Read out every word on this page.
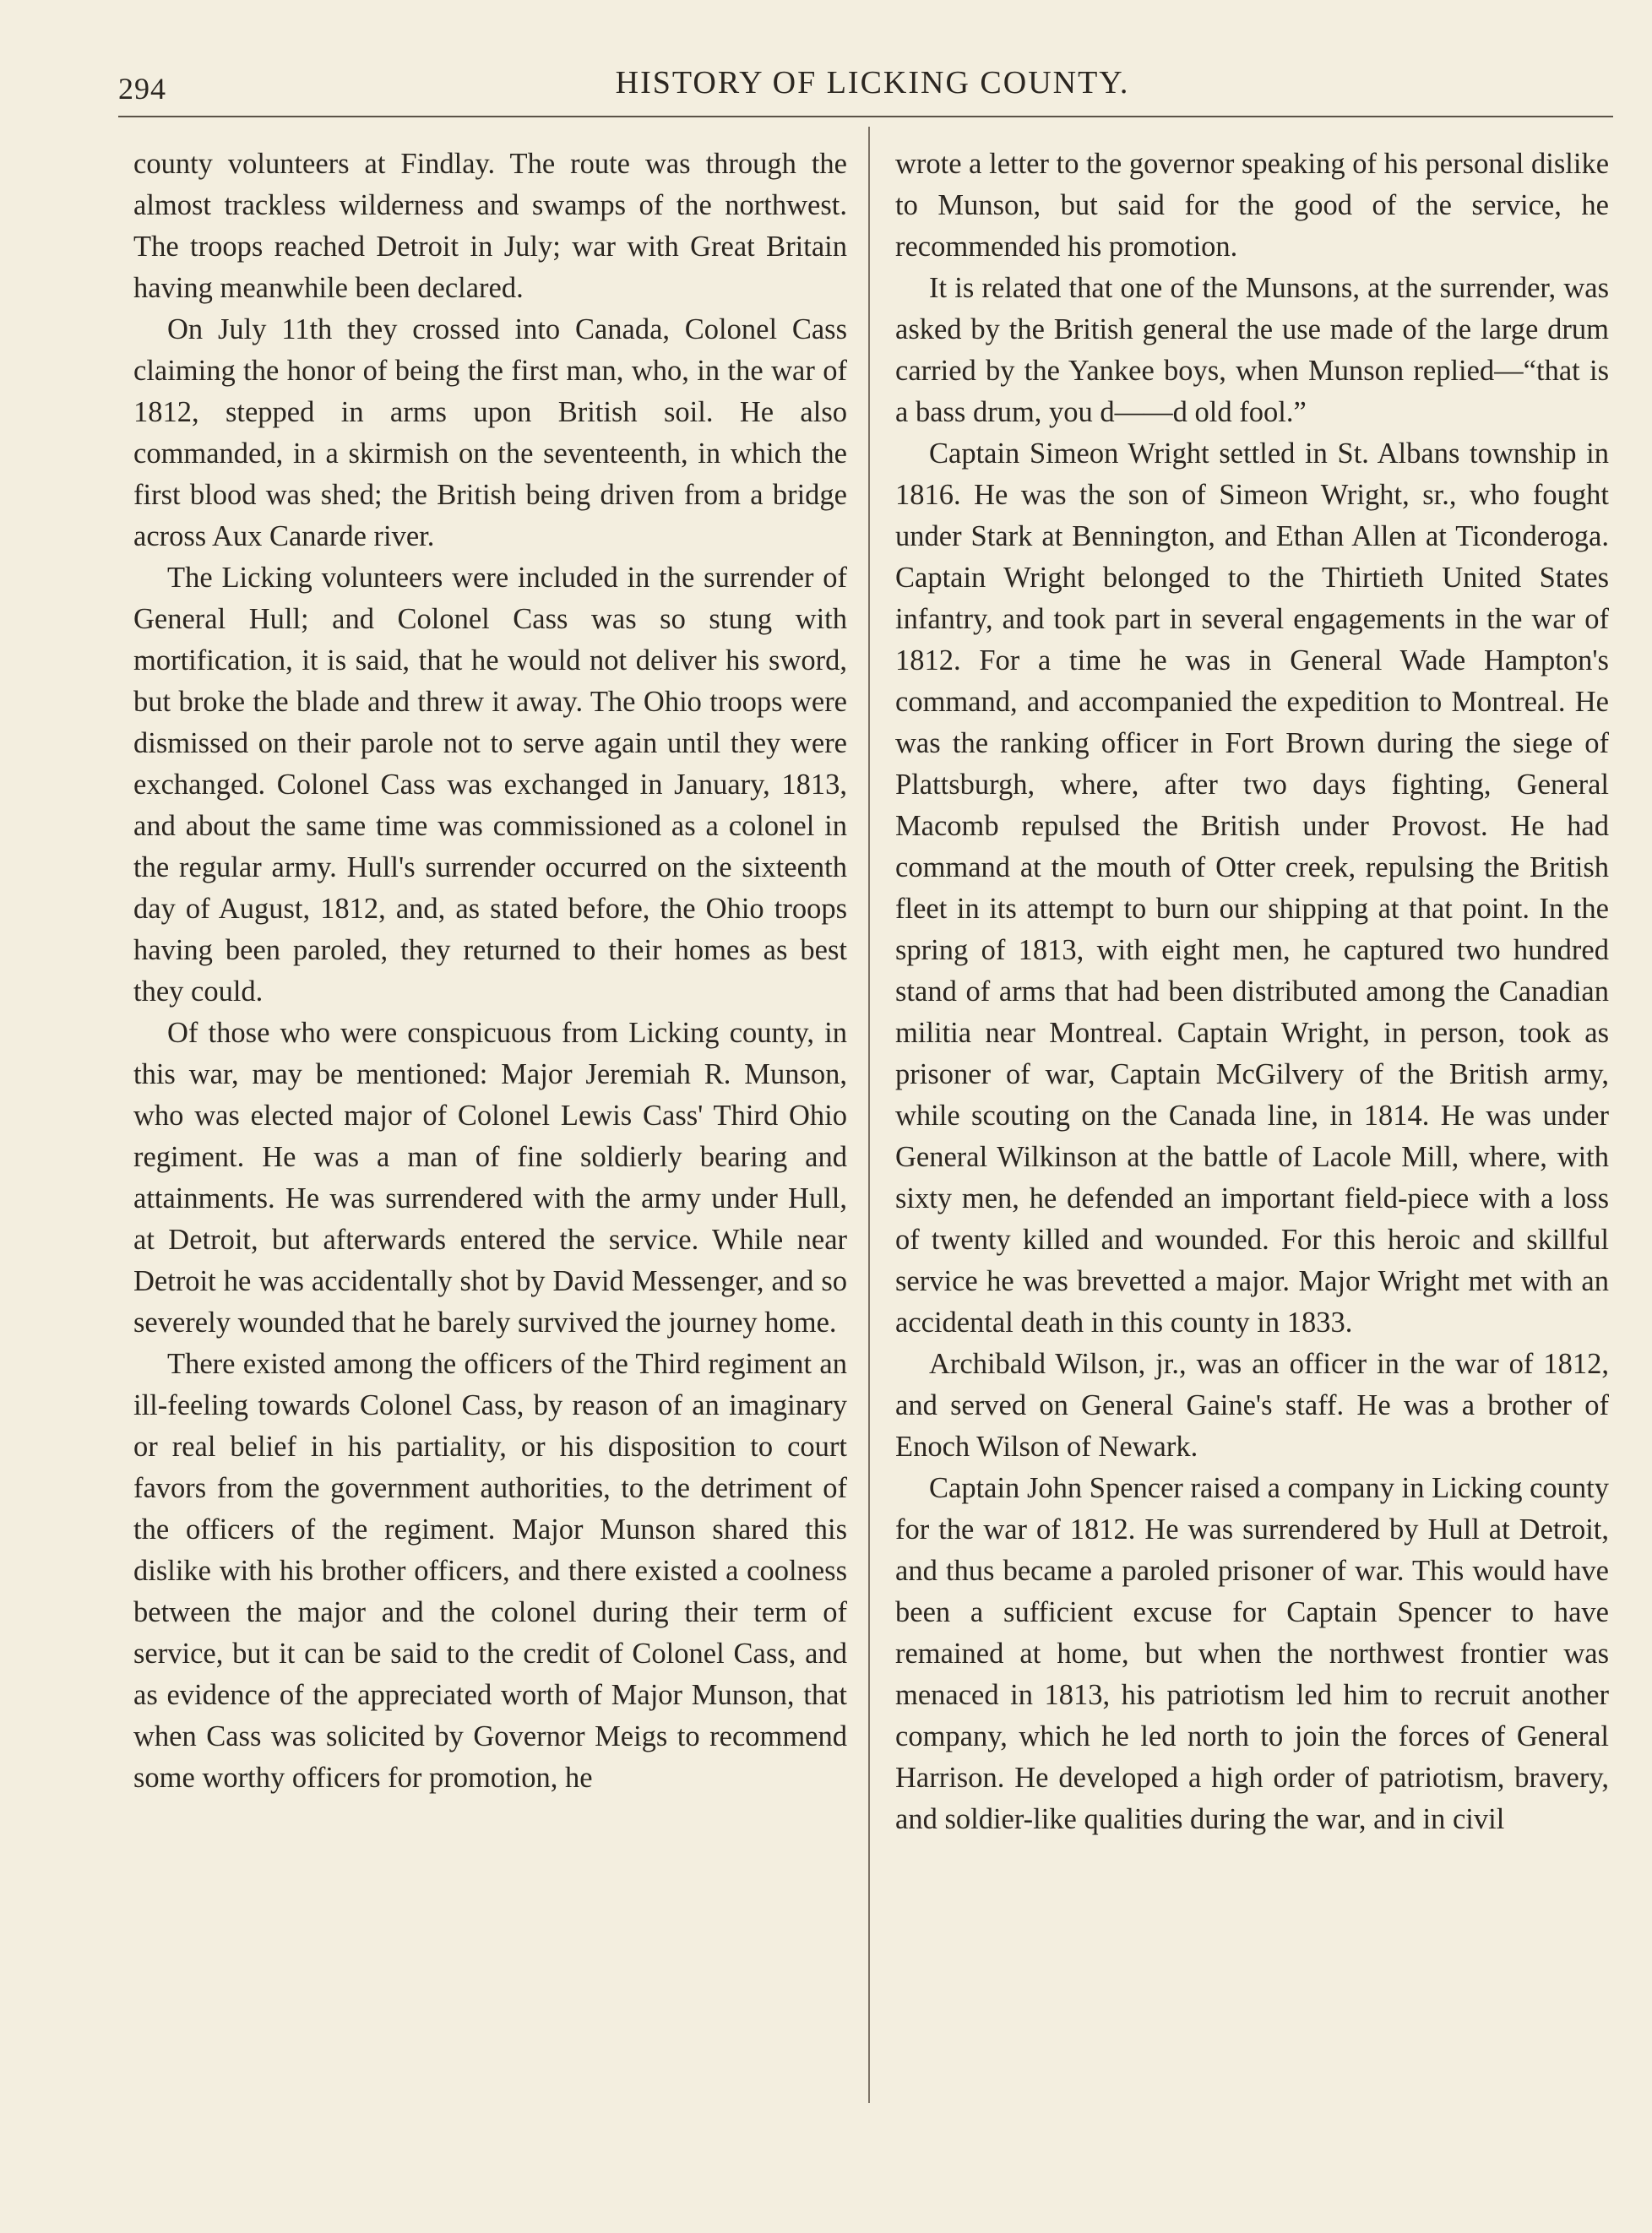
294	HISTORY OF LICKING COUNTY.

county volunteers at Findlay. The route was through the almost trackless wilderness and swamps of the northwest. The troops reached Detroit in July; war with Great Britain having meanwhile been declared.

On July 11th they crossed into Canada, Colonel Cass claiming the honor of being the first man, who, in the war of 1812, stepped in arms upon British soil. He also commanded, in a skirmish on the seventeenth, in which the first blood was shed; the British being driven from a bridge across Aux Canarde river.

The Licking volunteers were included in the surrender of General Hull; and Colonel Cass was so stung with mortification, it is said, that he would not deliver his sword, but broke the blade and threw it away. The Ohio troops were dismissed on their parole not to serve again until they were exchanged. Colonel Cass was exchanged in January, 1813, and about the same time was commissioned as a colonel in the regular army. Hull's surrender occurred on the sixteenth day of August, 1812, and, as stated before, the Ohio troops having been paroled, they returned to their homes as best they could.

Of those who were conspicuous from Licking county, in this war, may be mentioned: Major Jeremiah R. Munson, who was elected major of Colonel Lewis Cass' Third Ohio regiment. He was a man of fine soldierly bearing and attainments. He was surrendered with the army under Hull, at Detroit, but afterwards entered the service. While near Detroit he was accidentally shot by David Messenger, and so severely wounded that he barely survived the journey home.

There existed among the officers of the Third regiment an ill-feeling towards Colonel Cass, by reason of an imaginary or real belief in his partiality, or his disposition to court favors from the government authorities, to the detriment of the officers of the regiment. Major Munson shared this dislike with his brother officers, and there existed a coolness between the major and the colonel during their term of service, but it can be said to the credit of Colonel Cass, and as evidence of the appreciated worth of Major Munson, that when Cass was solicited by Governor Meigs to recommend some worthy officers for promotion, he

wrote a letter to the governor speaking of his personal dislike to Munson, but said for the good of the service, he recommended his promotion.

It is related that one of the Munsons, at the surrender, was asked by the British general the use made of the large drum carried by the Yankee boys, when Munson replied—“that is a bass drum, you d——d old fool.”

Captain Simeon Wright settled in St. Albans township in 1816. He was the son of Simeon Wright, sr., who fought under Stark at Bennington, and Ethan Allen at Ticonderoga. Captain Wright belonged to the Thirtieth United States infantry, and took part in several engagements in the war of 1812. For a time he was in General Wade Hampton's command, and accompanied the expedition to Montreal. He was the ranking officer in Fort Brown during the siege of Plattsburgh, where, after two days fighting, General Macomb repulsed the British under Provost. He had command at the mouth of Otter creek, repulsing the British fleet in its attempt to burn our shipping at that point. In the spring of 1813, with eight men, he captured two hundred stand of arms that had been distributed among the Canadian militia near Montreal. Captain Wright, in person, took as prisoner of war, Captain McGilvery of the British army, while scouting on the Canada line, in 1814. He was under General Wilkinson at the battle of Lacole Mill, where, with sixty men, he defended an important field-piece with a loss of twenty killed and wounded. For this heroic and skillful service he was brevetted a major. Major Wright met with an accidental death in this county in 1833.

Archibald Wilson, jr., was an officer in the war of 1812, and served on General Gaine's staff. He was a brother of Enoch Wilson of Newark.

Captain John Spencer raised a company in Licking county for the war of 1812. He was surrendered by Hull at Detroit, and thus became a paroled prisoner of war. This would have been a sufficient excuse for Captain Spencer to have remained at home, but when the northwest frontier was menaced in 1813, his patriotism led him to recruit another company, which he led north to join the forces of General Harrison. He developed a high order of patriotism, bravery, and soldier-like qualities during the war, and in civil
